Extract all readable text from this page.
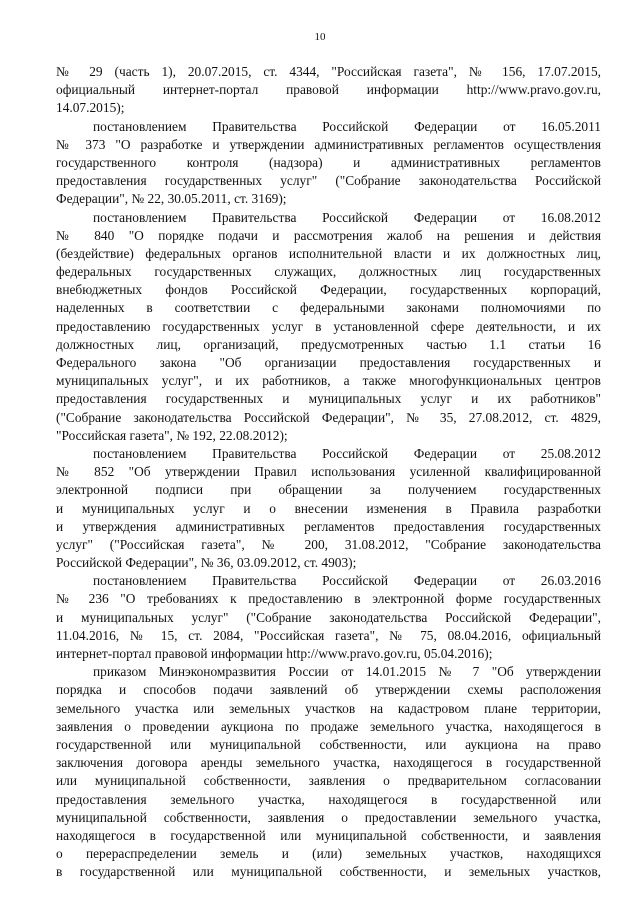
10
№ 29 (часть 1), 20.07.2015, ст. 4344, "Российская газета", № 156, 17.07.2015,
официальный интернет-портал правовой информации http://www.pravo.gov.ru,
14.07.2015);
постановлением Правительства Российской Федерации от 16.05.2011
№ 373 "О разработке и утверждении административных регламентов осуществления
государственного контроля (надзора) и административных регламентов
предоставления государственных услуг" ("Собрание законодательства Российской
Федерации", № 22, 30.05.2011, ст. 3169);
постановлением Правительства Российской Федерации от 16.08.2012
№ 840 "О порядке подачи и рассмотрения жалоб на решения и действия
(бездействие) федеральных органов исполнительной власти и их должностных лиц,
федеральных государственных служащих, должностных лиц государственных
внебюджетных фондов Российской Федерации, государственных корпораций,
наделенных в соответствии с федеральными законами полномочиями по
предоставлению государственных услуг в установленной сфере деятельности, и их
должностных лиц, организаций, предусмотренных частью 1.1 статьи 16
Федерального закона "Об организации предоставления государственных и
муниципальных услуг", и их работников, а также многофункциональных центров
предоставления государственных и муниципальных услуг и их работников"
("Собрание законодательства Российской Федерации", № 35, 27.08.2012, ст. 4829,
"Российская газета", № 192, 22.08.2012);
постановлением Правительства Российской Федерации от 25.08.2012
№ 852 "Об утверждении Правил использования усиленной квалифицированной
электронной подписи при обращении за получением государственных
и муниципальных услуг и о внесении изменения в Правила разработки
и утверждения административных регламентов предоставления государственных
услуг" ("Российская газета", № 200, 31.08.2012, "Собрание законодательства
Российской Федерации", № 36, 03.09.2012, ст. 4903);
постановлением Правительства Российской Федерации от 26.03.2016
№ 236 "О требованиях к предоставлению в электронной форме государственных
и муниципальных услуг" ("Собрание законодательства Российской Федерации",
11.04.2016, № 15, ст. 2084, "Российская газета", № 75, 08.04.2016, официальный
интернет-портал правовой информации http://www.pravo.gov.ru, 05.04.2016);
приказом Минэкономразвития России от 14.01.2015 № 7 "Об утверждении
порядка и способов подачи заявлений об утверждении схемы расположения
земельного участка или земельных участков на кадастровом плане территории,
заявления о проведении аукциона по продаже земельного участка, находящегося в
государственной или муниципальной собственности, или аукциона на право
заключения договора аренды земельного участка, находящегося в государственной
или муниципальной собственности, заявления о предварительном согласовании
предоставления земельного участка, находящегося в государственной или
муниципальной собственности, заявления о предоставлении земельного участка,
находящегося в государственной или муниципальной собственности, и заявления
о перераспределении земель и (или) земельных участков, находящихся
в государственной или муниципальной собственности, и земельных участков,
